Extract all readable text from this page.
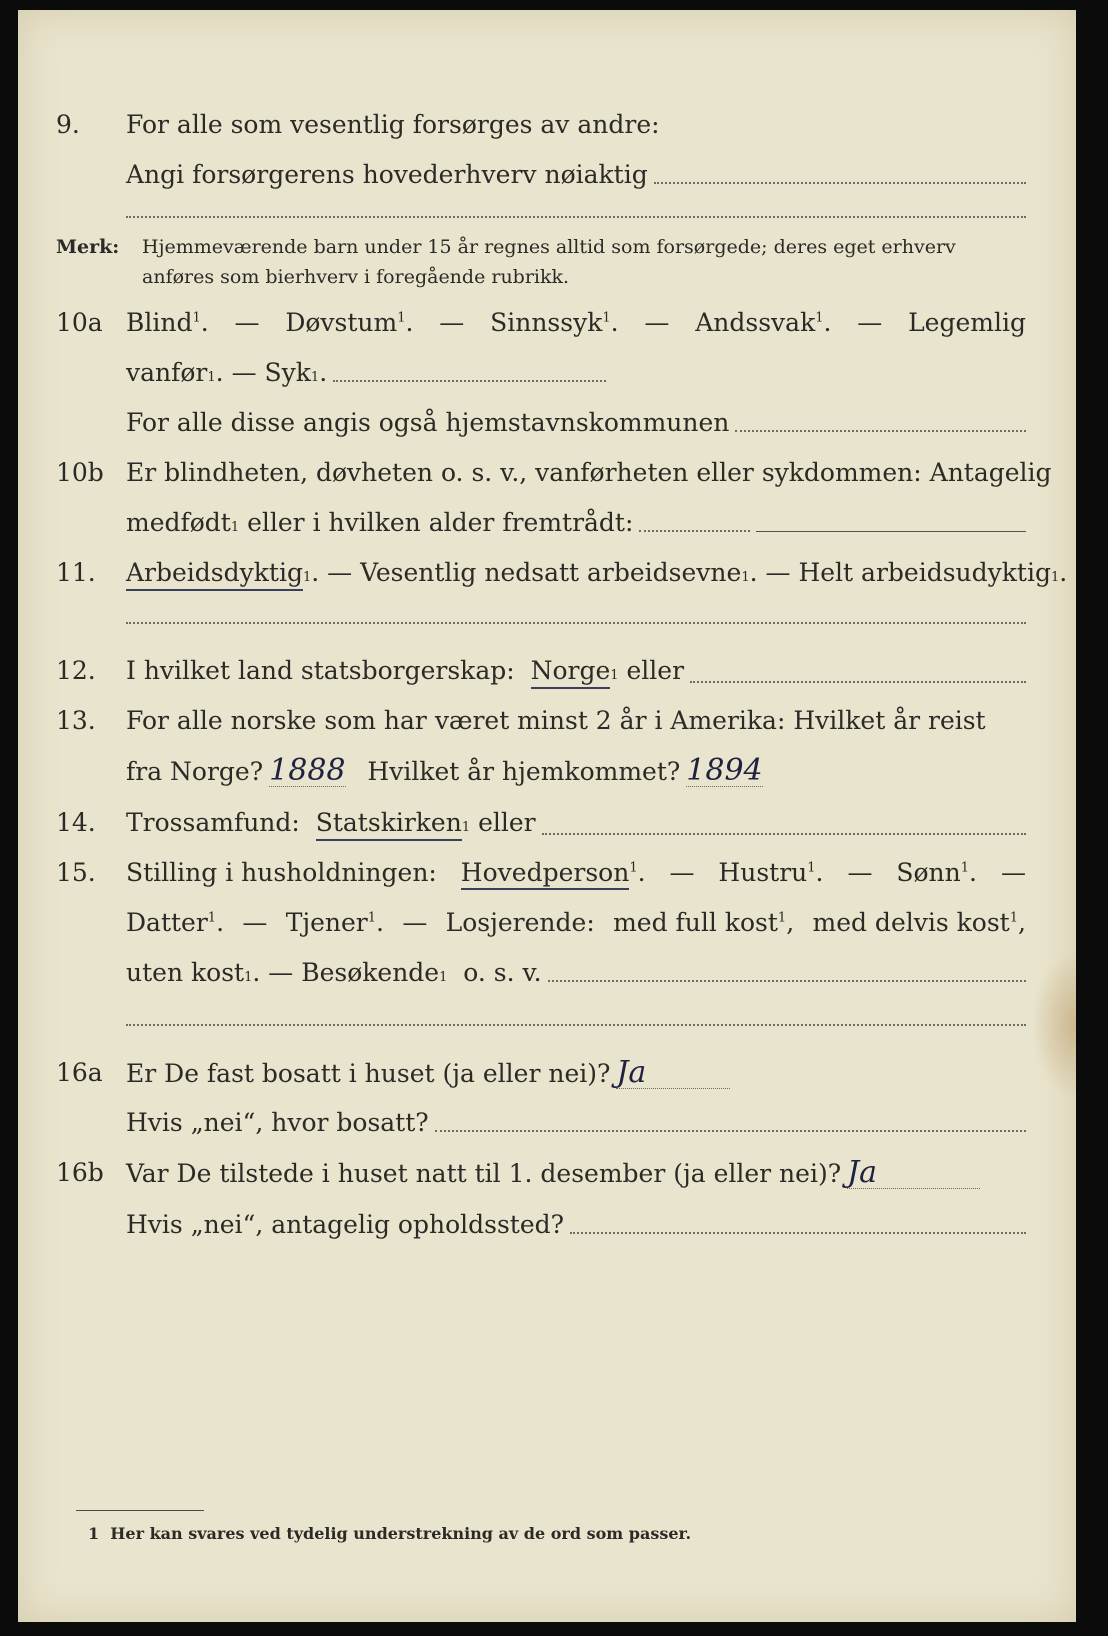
9. For alle som vesentlig forsørges av andre:
Angi forsørgerens hovederhverv nøiaktig
Merk: Hjemmeværende barn under 15 år regnes alltid som forsørgede; deres eget erhverv
anføres som bierhverv i foregående rubrikk.
10a Blind$^1$. — Døvstum$^1$. — Sinnssyk$^1$. — Andssvak$^1$. — Legemlig
vanfør 1 . — Syk 1 .
For alle disse angis også hjemstavnskommunen
10b Er blindheten, døvheten o. s. v., vanførheten eller sykdommen: Antagelig
medfødt 1
eller i hvilken alder fremtrådt:
11. Arbeidsdyktig 1 . — Vesentlig nedsatt arbeidsevne 1 . — Helt arbeidsudyktig 1 .
12. I hvilket land statsborgerskap:
Norge 1
eller
13. For alle norske som har været minst 2 år i Amerika: Hvilket år reist
fra Norge? 1888
Hvilket år hjemkommet? 1894
14. Trossamfund:
Statskirken 1
eller
15. Stilling i husholdningen: Hovedperson$^1$. — Hustru$^1$. — Sønn$^1$. —
Datter$^1$. — Tjener$^1$. — Losjerende: med full kost$^1$, med delvis kost$^1$,
uten kost 1 . — Besøkende 1
o. s. v.
16a Er De fast bosatt i huset (ja eller nei)? Ja
Hvis „nei“, hvor bosatt?
16b Var De tilstede i huset natt til 1. desember (ja eller nei)? Ja
Hvis „nei“, antagelig opholdssted?
1 Her kan svares ved tydelig understrekning av de ord som passer.
